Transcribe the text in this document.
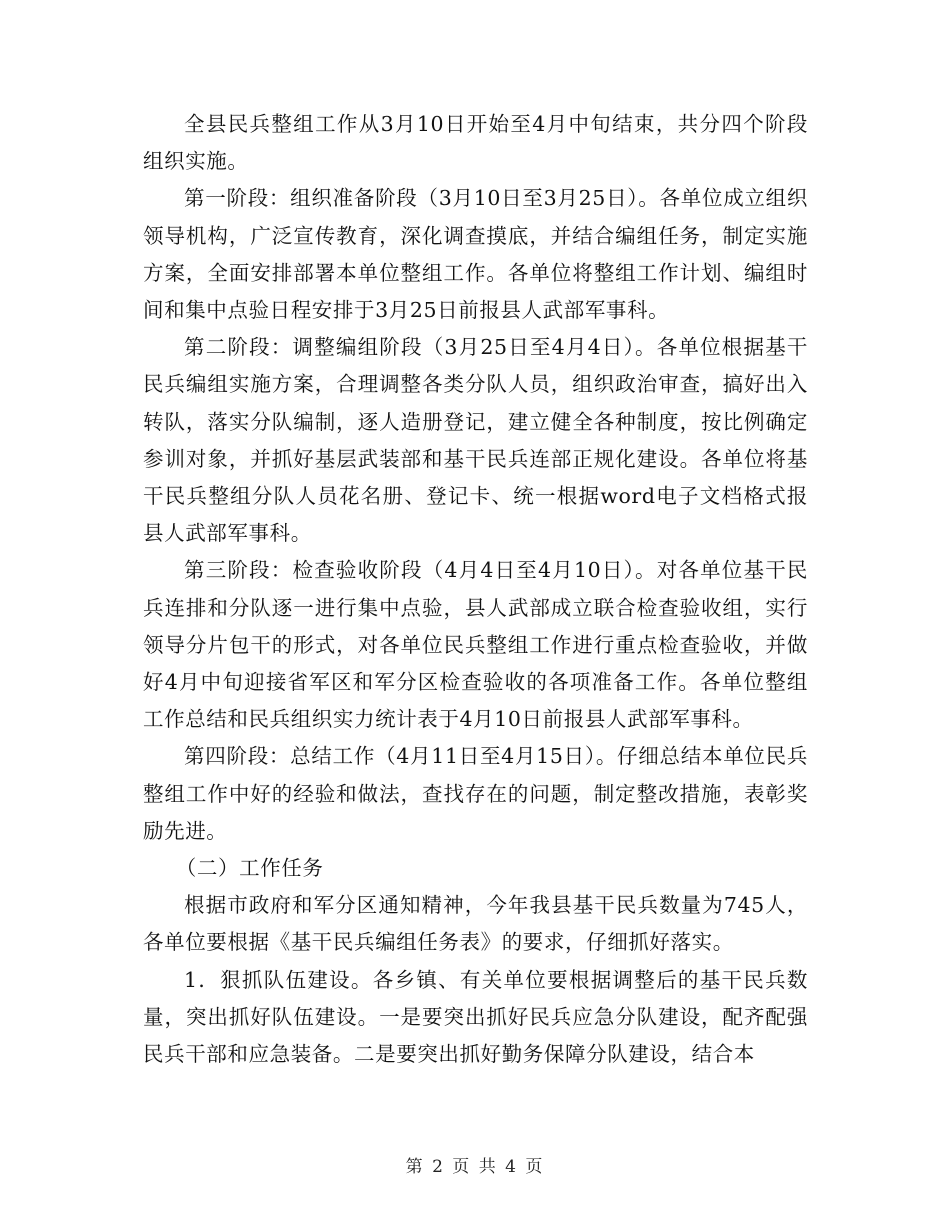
全县民兵整组工作从3月10日开始至4月中旬结束，共分四个阶段组织实施。

第一阶段：组织准备阶段（3月10日至3月25日）。各单位成立组织领导机构，广泛宣传教育，深化调查摸底，并结合编组任务，制定实施方案，全面安排部署本单位整组工作。各单位将整组工作计划、编组时间和集中点验日程安排于3月25日前报县人武部军事科。

第二阶段：调整编组阶段（3月25日至4月4日）。各单位根据基干民兵编组实施方案，合理调整各类分队人员，组织政治审查，搞好出入转队，落实分队编制，逐人造册登记，建立健全各种制度，按比例确定参训对象，并抓好基层武装部和基干民兵连部正规化建设。各单位将基干民兵整组分队人员花名册、登记卡、统一根据word电子文档格式报县人武部军事科。

第三阶段：检查验收阶段（4月4日至4月10日）。对各单位基干民兵连排和分队逐一进行集中点验，县人武部成立联合检查验收组，实行领导分片包干的形式，对各单位民兵整组工作进行重点检查验收，并做好4月中旬迎接省军区和军分区检查验收的各项准备工作。各单位整组工作总结和民兵组织实力统计表于4月10日前报县人武部军事科。

第四阶段：总结工作（4月11日至4月15日）。仔细总结本单位民兵整组工作中好的经验和做法，查找存在的问题，制定整改措施，表彰奖励先进。

（二）工作任务

根据市政府和军分区通知精神，今年我县基干民兵数量为745人，各单位要根据《基干民兵编组任务表》的要求，仔细抓好落实。

1．狠抓队伍建设。各乡镇、有关单位要根据调整后的基干民兵数量，突出抓好队伍建设。一是要突出抓好民兵应急分队建设，配齐配强民兵干部和应急装备。二是要突出抓好勤务保障分队建设，结合本

第 2 页 共 4 页
